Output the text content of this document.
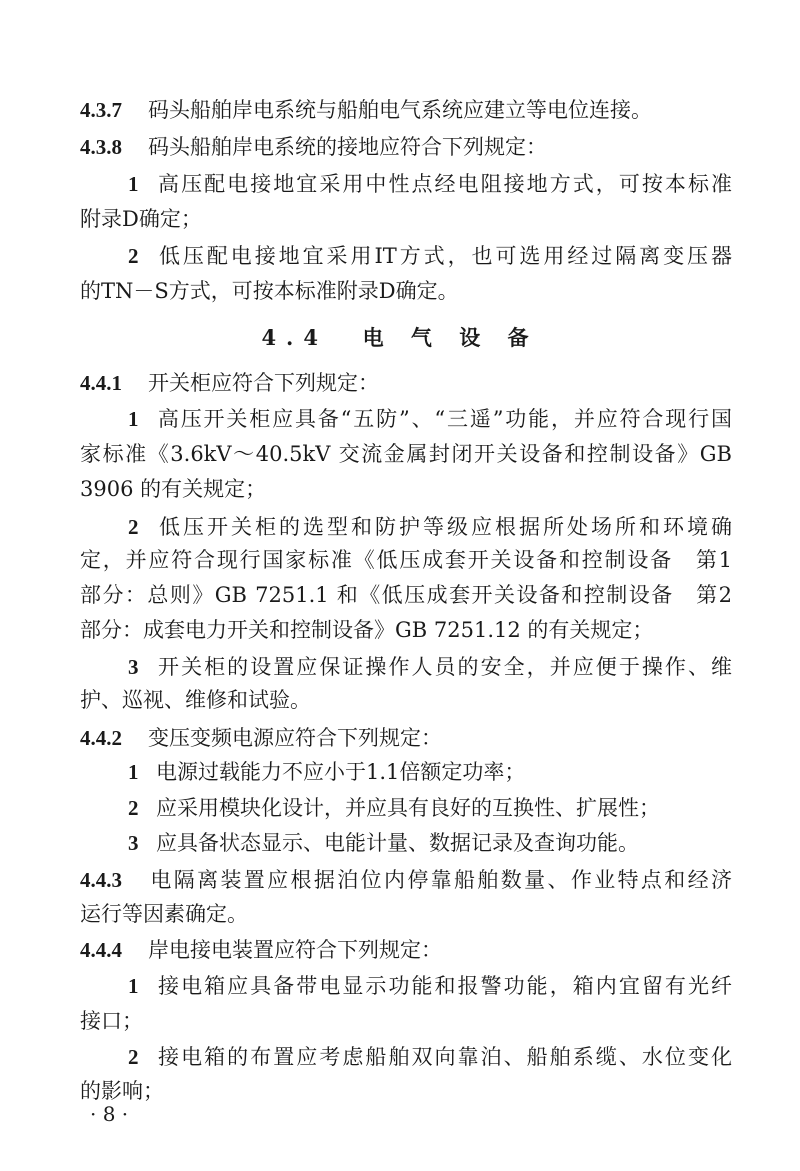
4.3.7 码头船舶岸电系统与船舶电气系统应建立等电位连接。
4.3.8 码头船舶岸电系统的接地应符合下列规定：
1 高压配电接地宜采用中性点经电阻接地方式，可按本标准
附录D确定；
2 低压配电接地宜采用IT方式，也可选用经过隔离变压器
的TN－S方式，可按本标准附录D确定。
4.4 电 气 设 备
4.4.1 开关柜应符合下列规定：
1 高压开关柜应具备“五防”、“三遥”功能，并应符合现行国
家标准《3.6kV～40.5kV 交流金属封闭开关设备和控制设备》GB
3906 的有关规定；
2 低压开关柜的选型和防护等级应根据所处场所和环境确
定，并应符合现行国家标准《低压成套开关设备和控制设备　第1
部分：总则》GB 7251.1 和《低压成套开关设备和控制设备　第2
部分：成套电力开关和控制设备》GB 7251.12 的有关规定；
3 开关柜的设置应保证操作人员的安全，并应便于操作、维
护、巡视、维修和试验。
4.4.2 变压变频电源应符合下列规定：
1 电源过载能力不应小于1.1倍额定功率；
2 应采用模块化设计，并应具有良好的互换性、扩展性；
3 应具备状态显示、电能计量、数据记录及查询功能。
4.4.3 电隔离装置应根据泊位内停靠船舶数量、作业特点和经济
运行等因素确定。
4.4.4 岸电接电装置应符合下列规定：
1 接电箱应具备带电显示功能和报警功能，箱内宜留有光纤
接口；
2 接电箱的布置应考虑船舶双向靠泊、船舶系缆、水位变化
的影响；
· 8 ·
